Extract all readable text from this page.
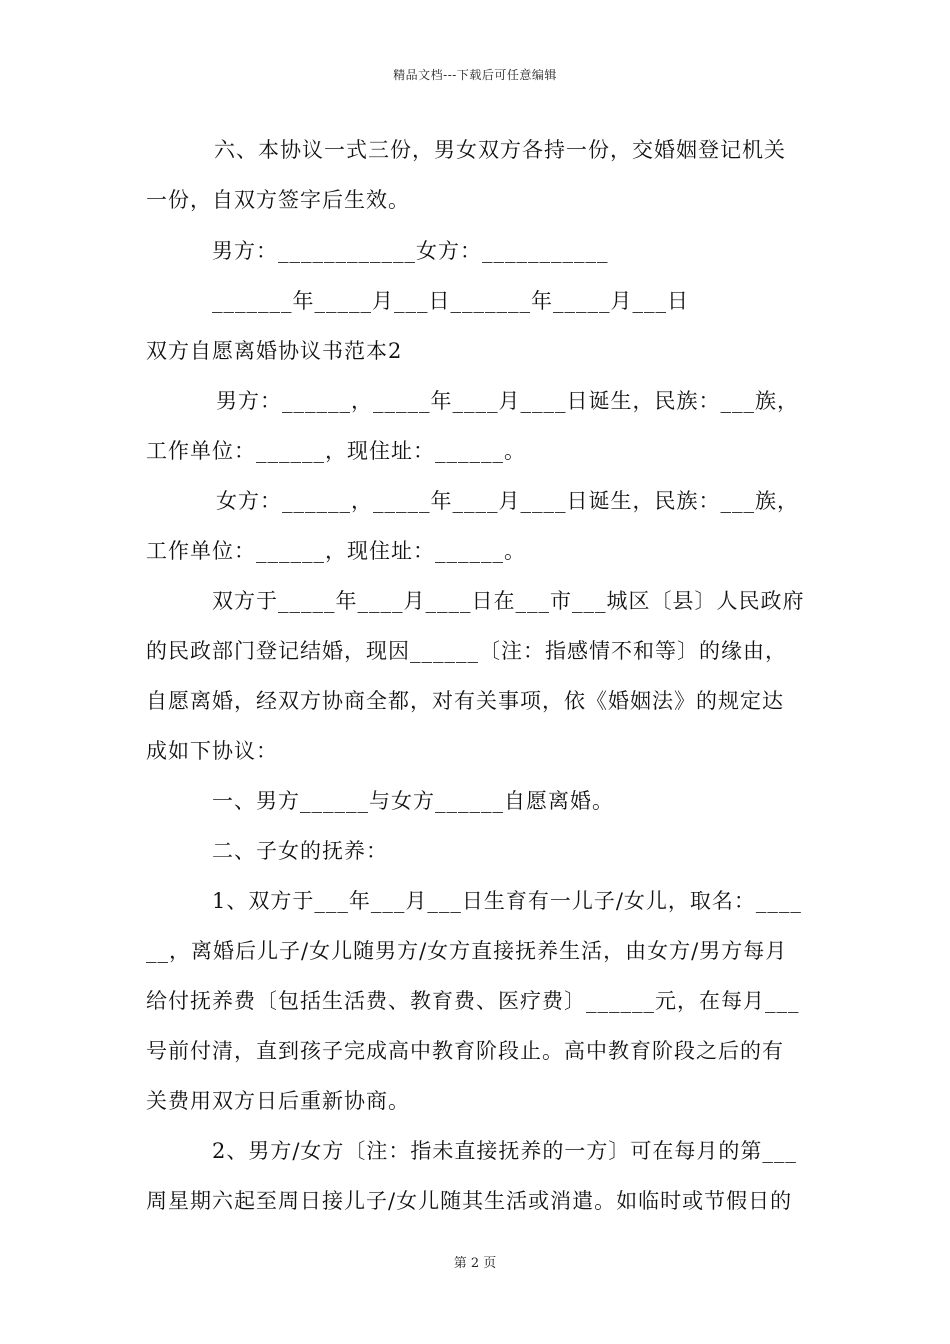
精品文档---下载后可任意编辑
六、本协议一式三份，男女双方各持一份，交婚姻登记机关
一份，自双方签字后生效。
男方：____________女方：___________
_______年_____月___日_______年_____月___日
双方自愿离婚协议书范本2
男方：______，_____年____月____日诞生，民族：___族，
工作单位：______，现住址：______。
女方：______，_____年____月____日诞生，民族：___族，
工作单位：______，现住址：______。
双方于_____年____月____日在___市___城区〔县〕人民政府
的民政部门登记结婚，现因______〔注：指感情不和等〕的缘由，
自愿离婚，经双方协商全都，对有关事项，依《婚姻法》的规定达
成如下协议：
一、男方______与女方______自愿离婚。
二、子女的抚养：
1、双方于___年___月___日生育有一儿子/女儿，取名：____
__，离婚后儿子/女儿随男方/女方直接抚养生活，由女方/男方每月
给付抚养费〔包括生活费、教育费、医疗费〕______元，在每月___
号前付清，直到孩子完成高中教育阶段止。高中教育阶段之后的有
关费用双方日后重新协商。
2、男方/女方〔注：指未直接抚养的一方〕可在每月的第___
周星期六起至周日接儿子/女儿随其生活或消遣。如临时或节假日的
第 2 页
